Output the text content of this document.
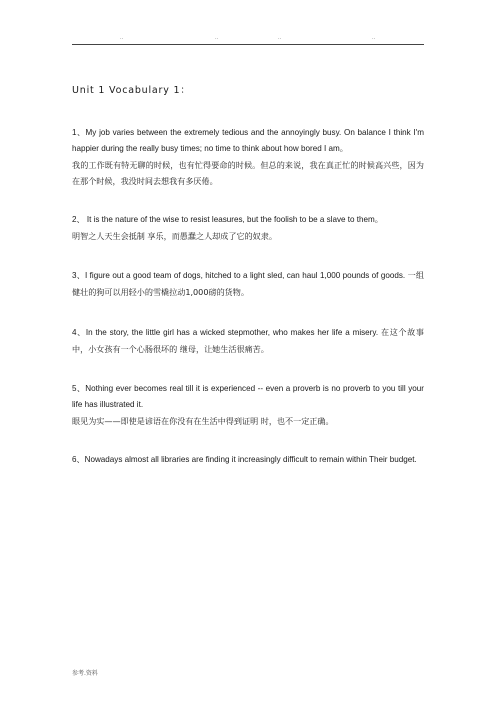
..	..	..	..
Unit 1 Vocabulary 1：
1、My job varies between the extremely tedious and the annoyingly busy. On balance I think I'm happier during the really busy times; no time to think about how bored I am。
我的工作既有特无聊的时候，也有忙得要命的时候。但总的来说，我在真正忙的时候高兴些，因为在那个时候，我没时间去想我有多厌倦。
2、 It is the nature of the wise to resist leasures, but the foolish to be a slave to them。
明智之人天生会抵制 享乐，而愚蠢之人却成了它的奴隶。
3、I figure out a good team of dogs, hitched to a light sled, can haul 1,000 pounds of goods. 一组健壮的狗可以用轻小的雪橇拉动1,000磅的货物。
4、In the story, the little girl has a wicked stepmother, who makes her life a misery. 在这个故事中，小女孩有一个心肠很坏的 继母，让她生活很痛苦。
5、Nothing ever becomes real till it is experienced -- even a proverb is no proverb to you till your life has illustrated it.
眼见为实——即使是谚语在你没有在生活中得到证明 时，也不一定正确。
6、Nowadays almost all libraries are finding it increasingly difficult to remain within Their budget.
参考.资料
